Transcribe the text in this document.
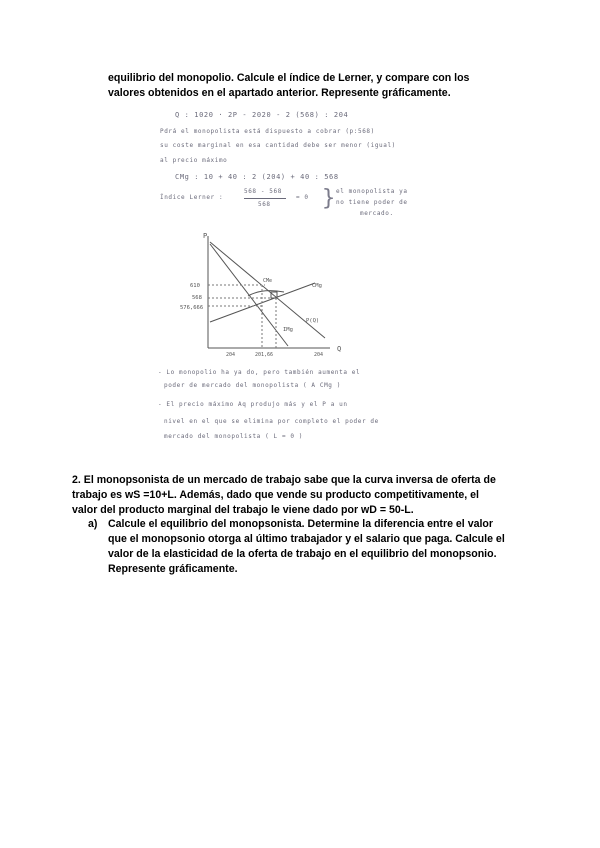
equilibrio del monopolio. Calcule el índice de Lerner, y compare con los
valores obtenidos en el apartado anterior. Represente gráficamente.
Q : 1020 · 2P - 2020 - 2 (568) : 204
Pdrá el monopolista está dispuesto a cobrar (p:568)
su coste marginal en esa cantidad debe ser menor (igual)
al precio máximo
CMg : 10 + 40 : 2 (204) + 40 : 568
Índice Lerner :
568 - 568
568
= 0 } el monopolista ya
no tiene poder de
mercado.
P
Q
610
568
576,666
CMg
P(Q)
IMg
CMe
204	201,66	204
- Lo monopolio ha ya do, pero también aumenta el
poder de mercado del monopolista ( A CMg )
- El precio máximo Aq produjo más y el P a un
nivel en el que se elimina por completo el poder de
mercado del monopolista ( L = 0 )
2. El monopsonista de un mercado de trabajo sabe que la curva inversa de oferta de
trabajo es wS =10+L. Además, dado que vende su producto competitivamente, el
valor del producto marginal del trabajo le viene dado por wD = 50-L.
a) Calcule el equilibrio del monopsonista. Determine la diferencia entre el valor
que el monopsonio otorga al último trabajador y el salario que paga. Calcule el
valor de la elasticidad de la oferta de trabajo en el equilibrio del monopsonio.
Represente gráficamente.
